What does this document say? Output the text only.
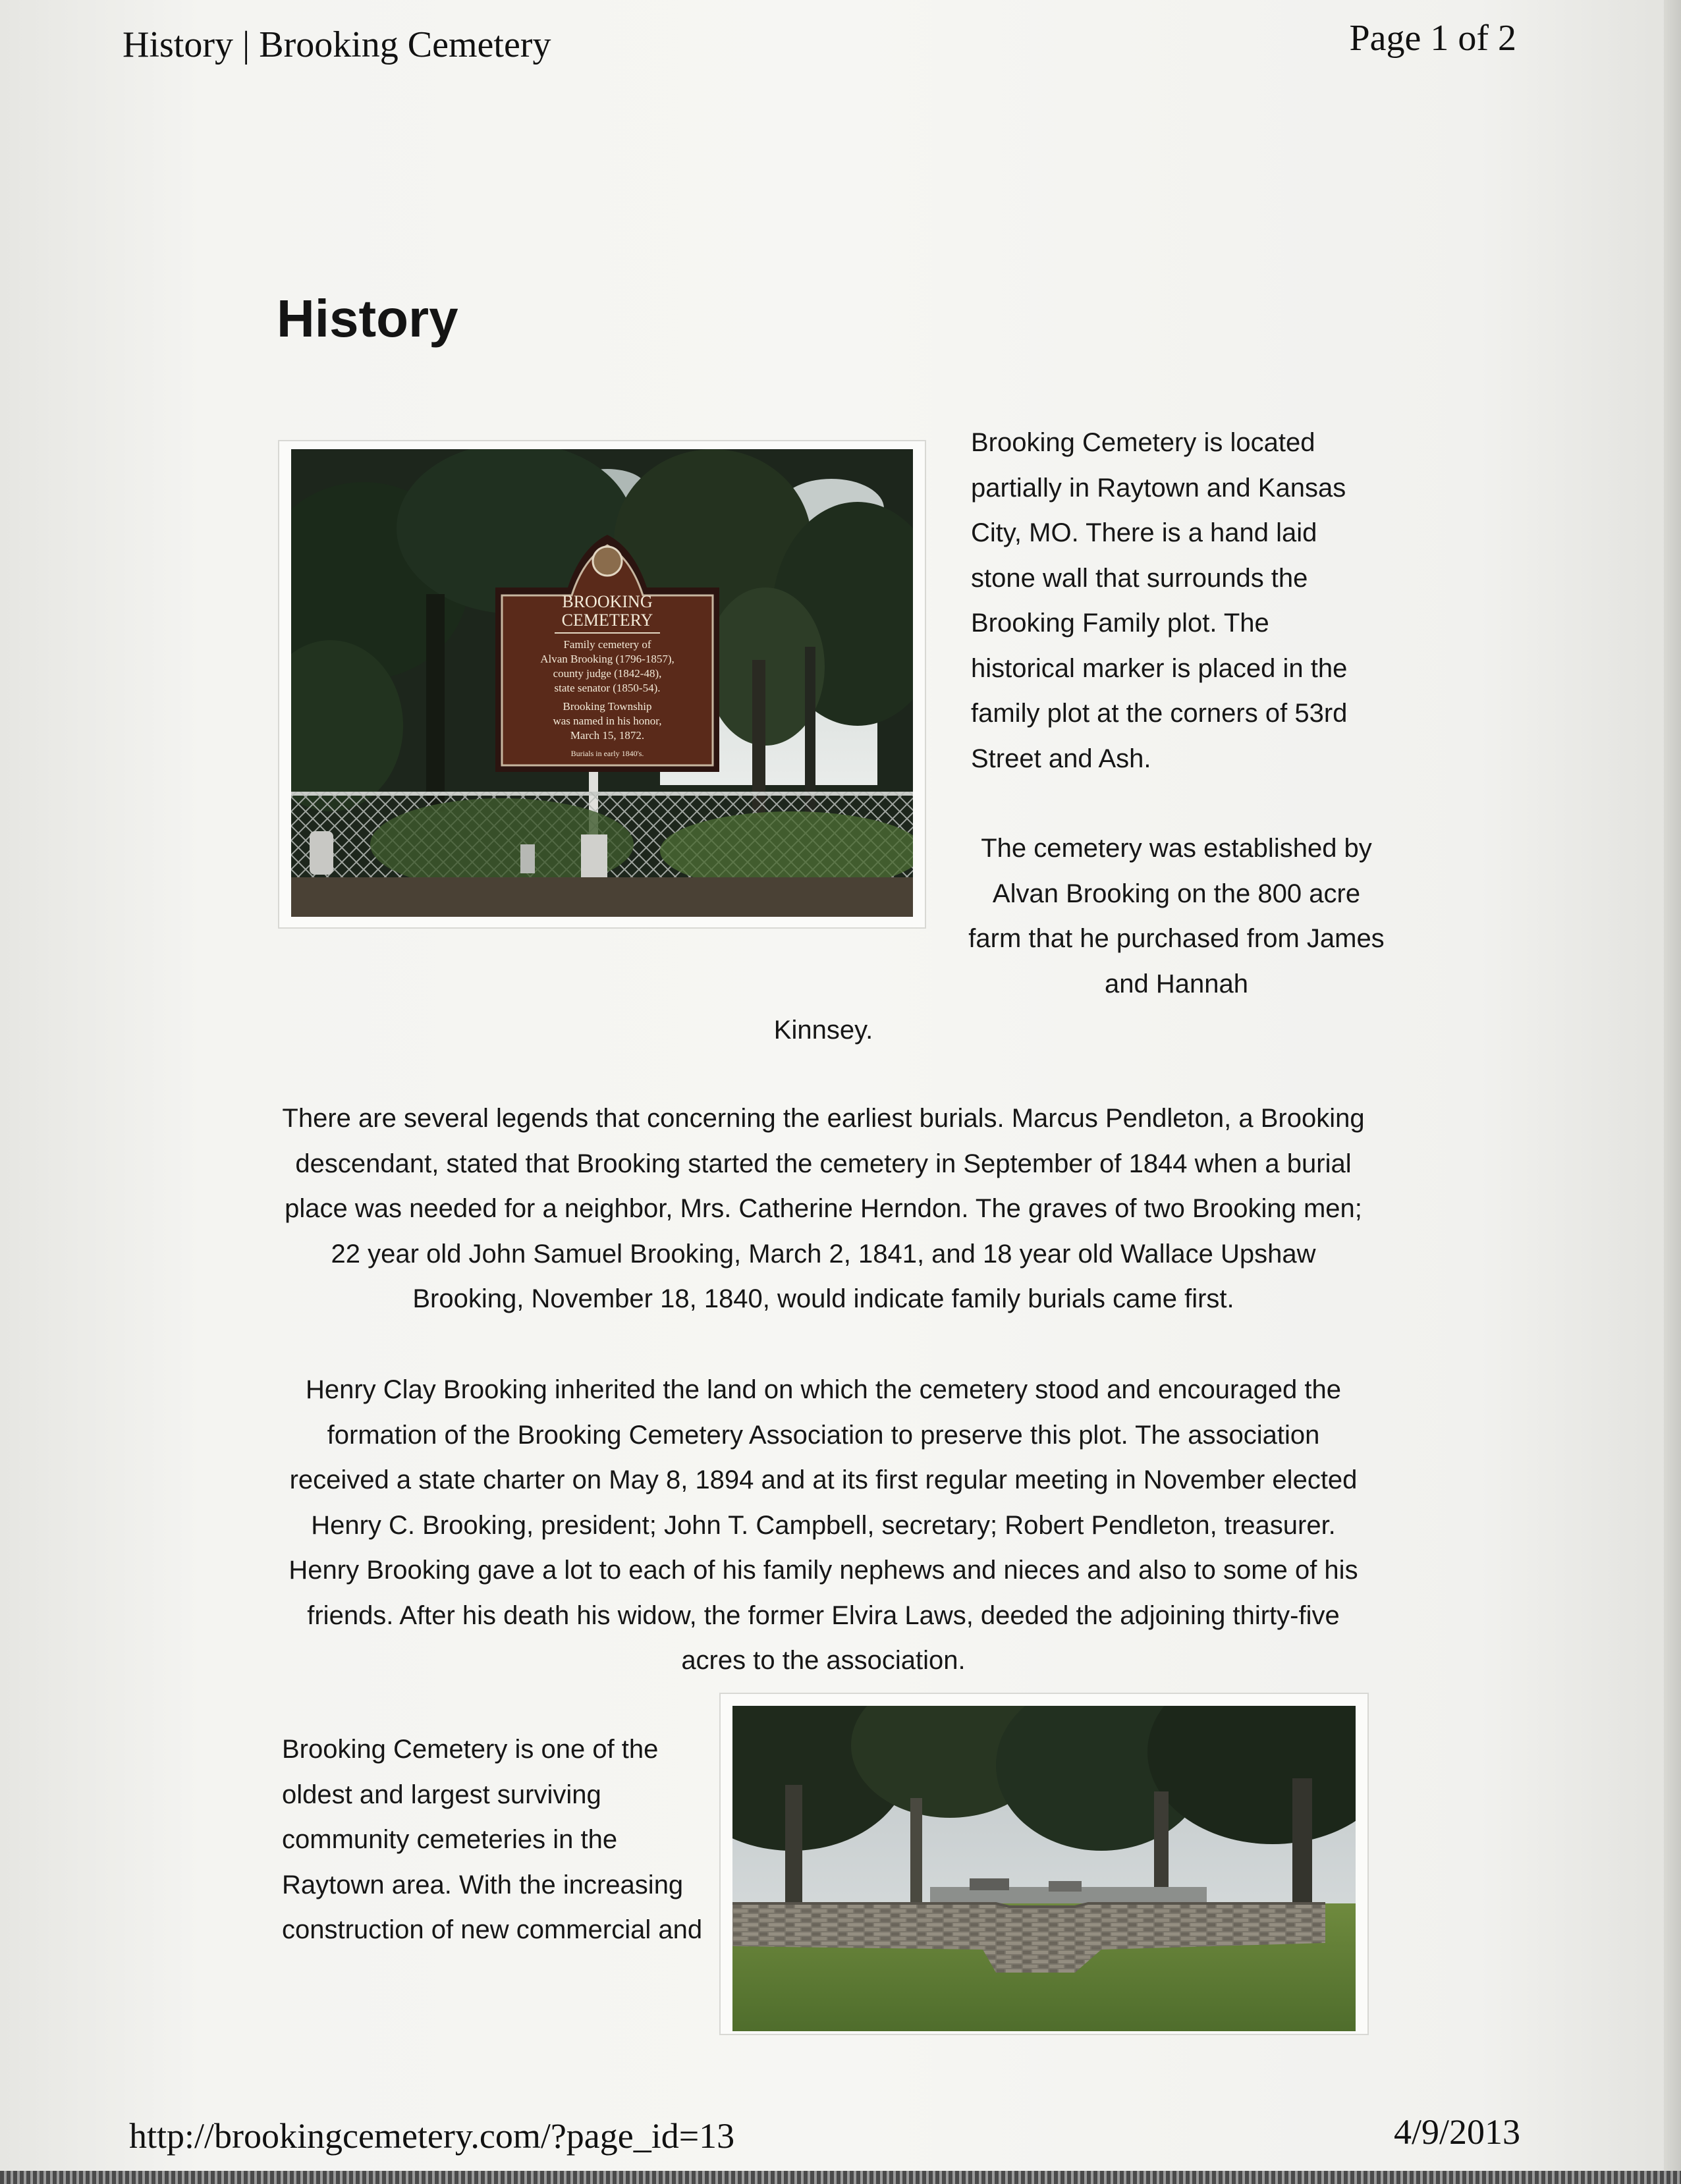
History | Brooking Cemetery	Page 1 of 2
History
BROOKING
CEMETERY
Family cemetery of
Alvan Brooking (1796-1857),
county judge (1842-48),
state senator (1850-54).
Brooking Township
was named in his honor,
March 15, 1872.
Burials in early 1840's.

Brooking Cemetery is located partially in Raytown and Kansas City, MO. There is a hand laid stone wall that surrounds the Brooking Family plot. The historical marker is placed in the family plot at the corners of 53rd Street and Ash.

The cemetery was established by Alvan Brooking on the 800 acre farm that he purchased from James and Hannah

Kinnsey.

There are several legends that concerning the earliest burials. Marcus Pendleton, a Brooking descendant, stated that Brooking started the cemetery in September of 1844 when a burial place was needed for a neighbor, Mrs. Catherine Herndon. The graves of two Brooking men; 22 year old John Samuel Brooking, March 2, 1841, and 18 year old Wallace Upshaw Brooking, November 18, 1840, would indicate family burials came first.

Henry Clay Brooking inherited the land on which the cemetery stood and encouraged the formation of the Brooking Cemetery Association to preserve this plot. The association received a state charter on May 8, 1894 and at its first regular meeting in November elected Henry C. Brooking, president; John T. Campbell, secretary; Robert Pendleton, treasurer. Henry Brooking gave a lot to each of his family nephews and nieces and also to some of his friends. After his death his widow, the former Elvira Laws, deeded the adjoining thirty-five acres to the association.

Brooking Cemetery is one of the oldest and largest surviving community cemeteries in the Raytown area. With the increasing construction of new commercial and

http://brookingcemetery.com/?page_id=13	4/9/2013
